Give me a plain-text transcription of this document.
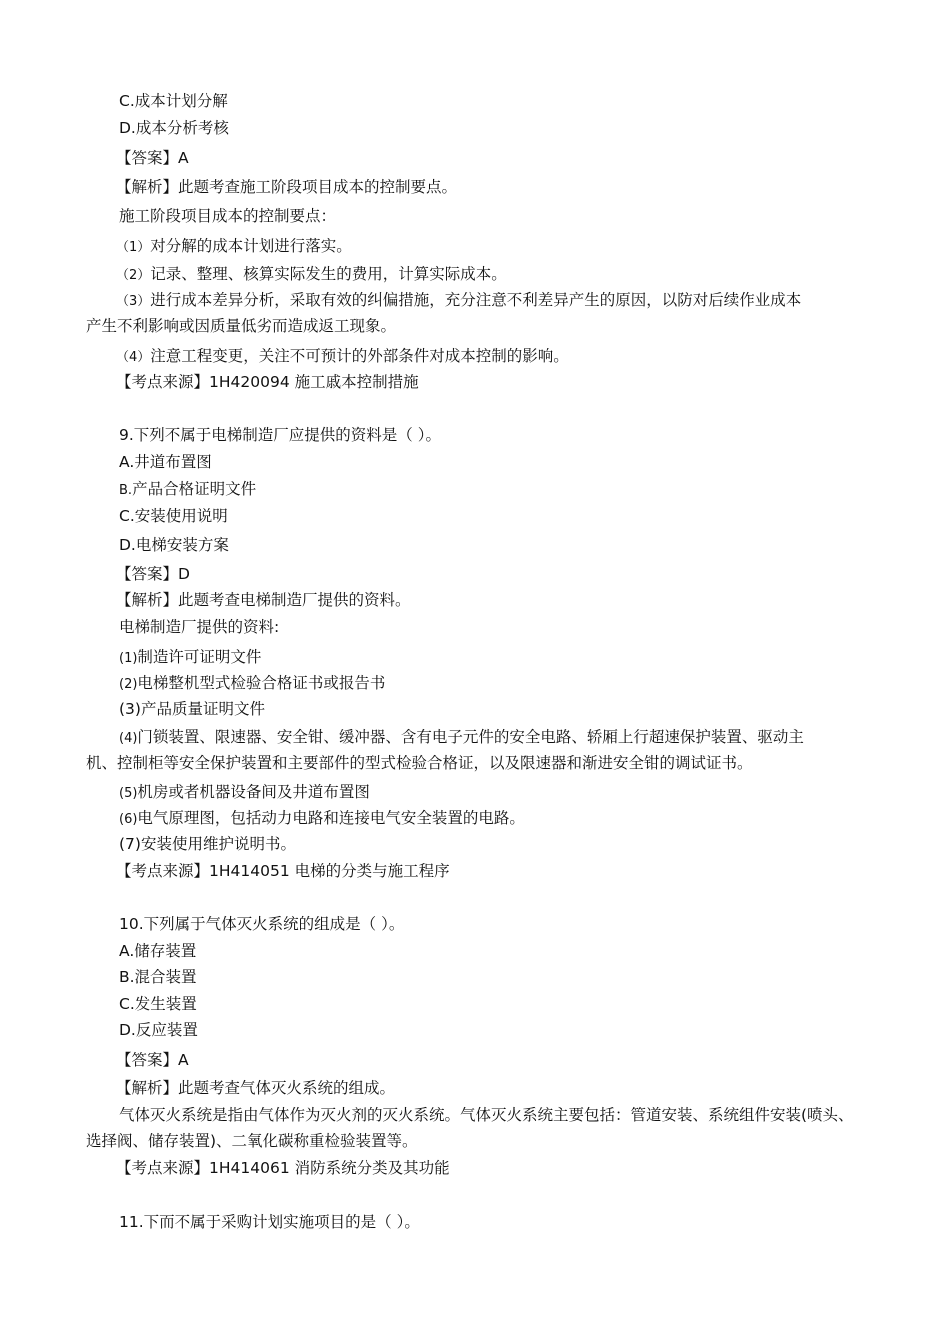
C.成本计划分解
D.成本分析考核
【答案】A
【解析】此题考查施工阶段项目成本的控制要点。
施工阶段项目成本的控制要点：
（1）对分解的成本计划进行落实。
（2）记录、整理、核算实际发生的费用，计算实际成本。
（3）进行成本差异分析，采取有效的纠偏措施，充分注意不利差异产生的原因，以防对后续作业成本
产生不利影响或因质量低劣而造成返工现象。
（4）注意工程变更，关注不可预计的外部条件对成本控制的影响。
【考点来源】1H420094 施工戚本控制措施
9.下列不属于电梯制造厂应提供的资料是（ ）。
A.井道布置图
B.产品合格证明文件
C.安装使用说明
D.电梯安装方案
【答案】D
【解析】此题考查电梯制造厂提供的资料。
电梯制造厂提供的资料:
(1)制造许可证明文件
(2)电梯整机型式检验合格证书或报告书
(3)产品质量证明文件
(4)门锁装置、限速器、安全钳、缓冲器、含有电子元件的安全电路、轿厢上行超速保护装置、驱动主
机、控制柜等安全保护装置和主要部件的型式检验合格证，以及限速器和渐进安全钳的调试证书。
(5)机房或者机器设备间及井道布置图
(6)电气原理图，包括动力电路和连接电气安全装置的电路。
(7)安装使用维护说明书。
【考点来源】1H414051 电梯的分类与施工程序
10.下列属于气体灭火系统的组成是（ ）。
A.储存装置
B.混合装置
C.发生装置
D.反应装置
【答案】A
【解析】此题考查气体灭火系统的组成。
气体灭火系统是指由气体作为灭火剂的灭火系统。气体灭火系统主要包括：管道安装、系统组件安装(喷头、
选择阀、储存装置)、二氧化碳称重检验装置等。
【考点来源】1H414061 消防系统分类及其功能
11.下而不属于采购计划实施项目的是（ ）。
